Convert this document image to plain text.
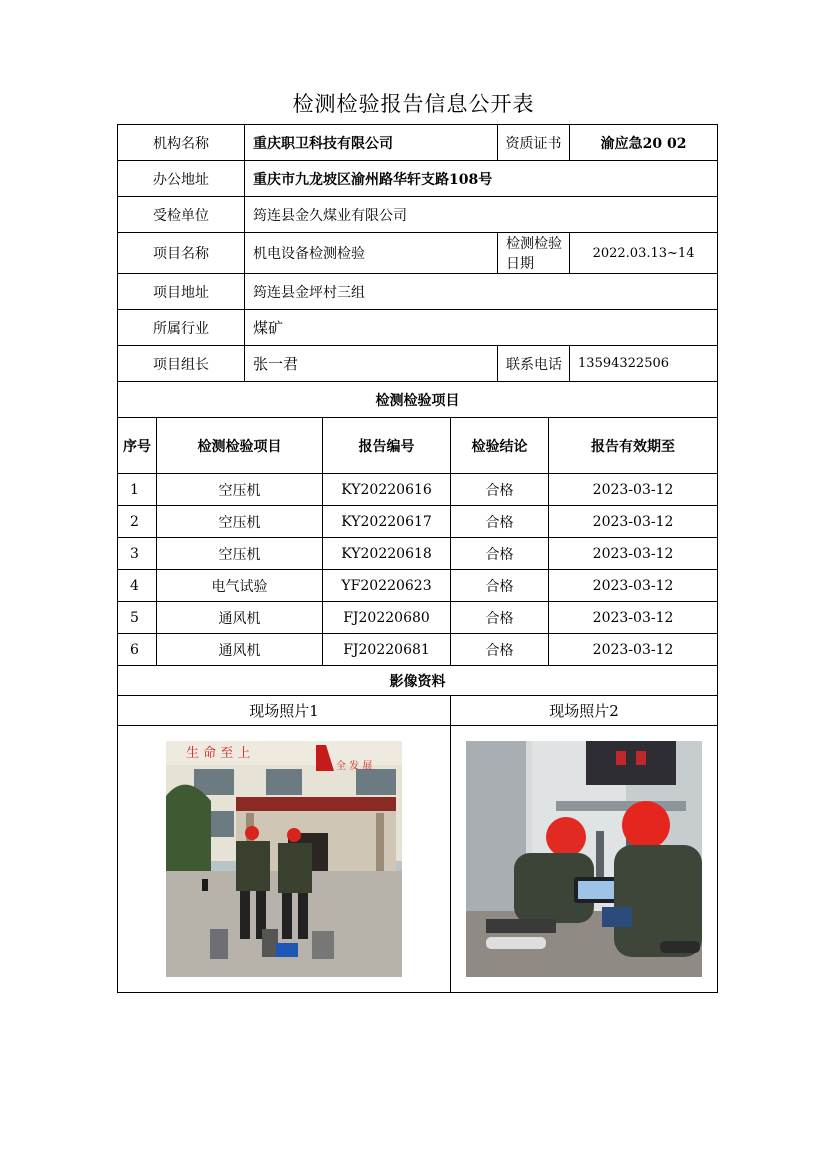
检测检验报告信息公开表
机构名称		重庆职卫科技有限公司			资质证书		渝应急20 02
办公地址		重庆市九龙坡区渝州路华轩支路108号					
受检单位		筠连县金久煤业有限公司					
项目名称		机电设备检测检验			检测检验日期		2022.03.13~14
项目地址		筠连县金坪村三组					
所属行业		煤矿					
项目组长		张一君			联系电话		13594322506
检测检验项目							
序号	检测检验项目		报告编号	检验结论		报告有效期至	
1	空压机		KY20220616	合格		2023-03-12	
2	空压机		KY20220617	合格		2023-03-12	
3	空压机		KY20220618	合格		2023-03-12	
4	电气试验		YF20220623	合格		2023-03-12	
5	通风机		FJ20220680	合格		2023-03-12	
6	通风机		FJ20220681	合格		2023-03-12	
影像资料							
现场照片1				现场照片2			

生 命 至 上
全 发 展
